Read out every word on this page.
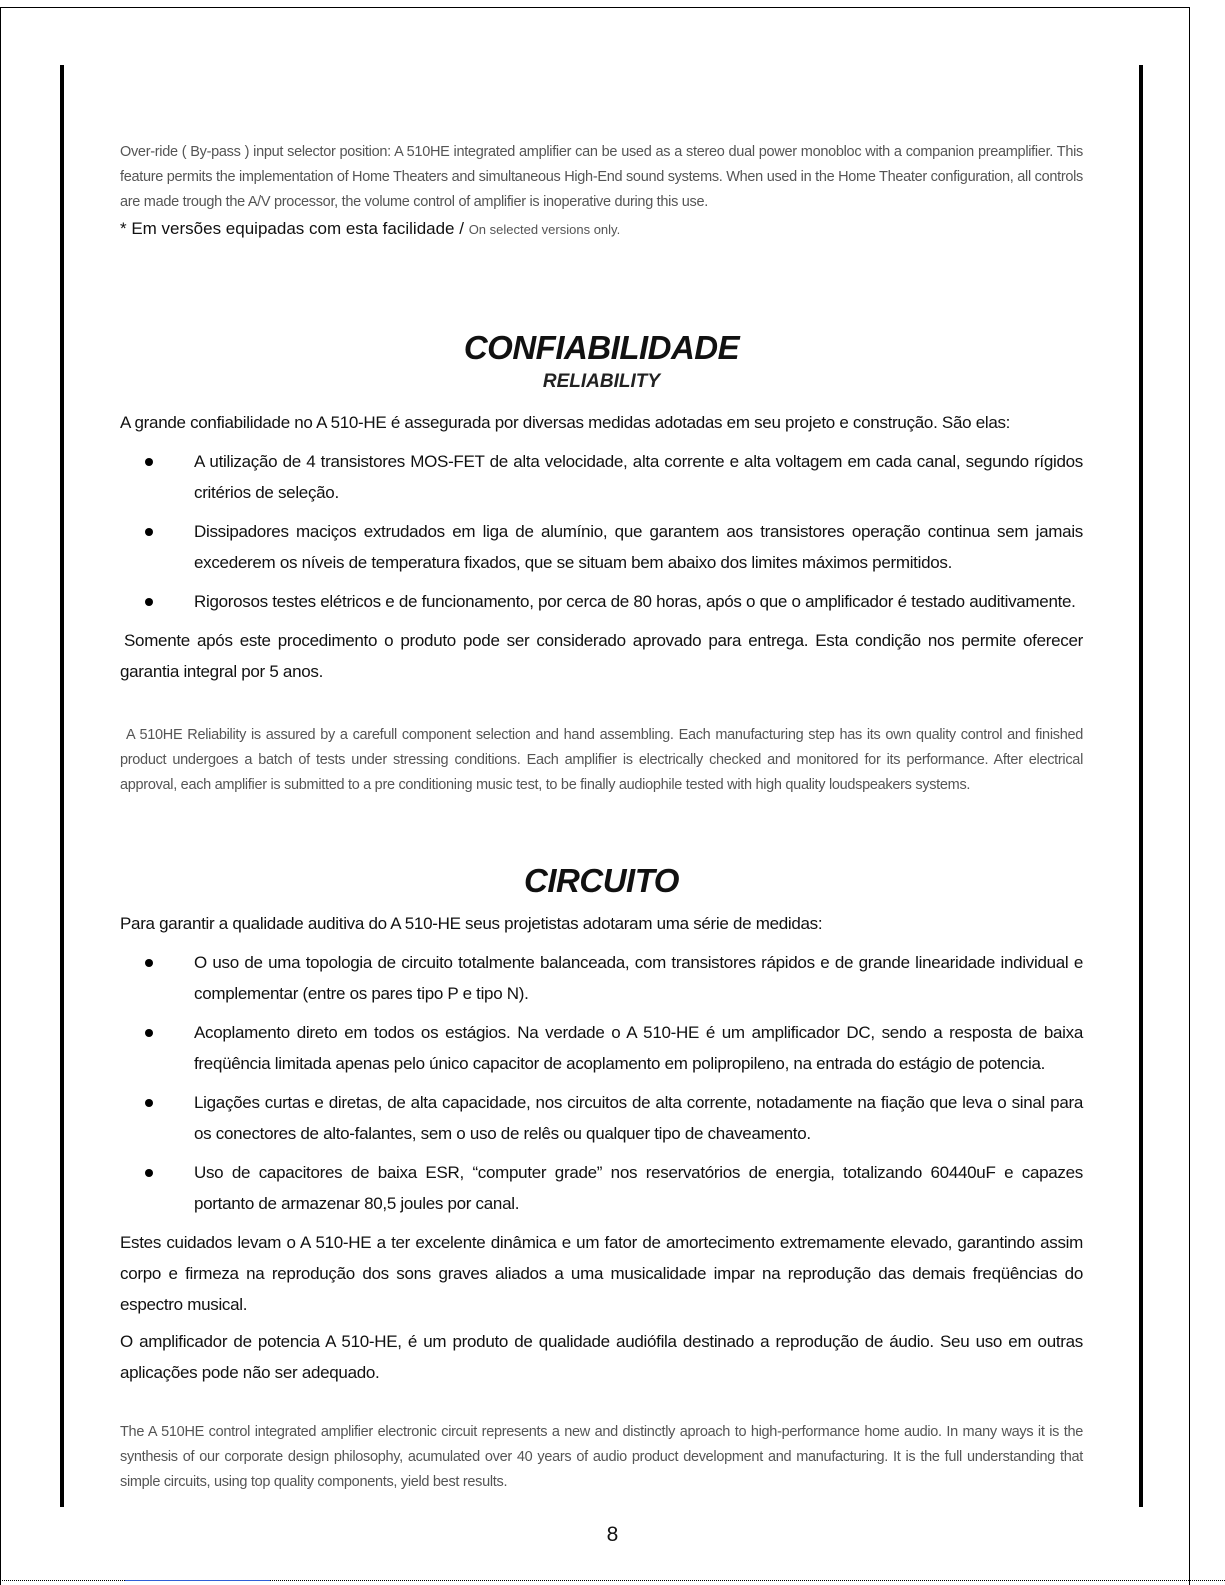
Over-ride ( By-pass ) input selector position: A 510HE integrated amplifier can be used as a stereo dual power monobloc with a companion preamplifier. This feature permits the implementation of Home Theaters and simultaneous High-End sound systems. When used in the Home Theater configuration, all controls are made trough the A/V processor, the volume control of amplifier is inoperative during this use.

* Em versões equipadas com esta facilidade / On selected versions only.

CONFIABILIDADE
RELIABILITY

A grande confiabilidade no A 510-HE é assegurada por diversas medidas adotadas em seu projeto e construção. São elas:

A utilização de 4 transistores MOS-FET de alta velocidade, alta corrente e alta voltagem em cada canal, segundo rígidos critérios de seleção.
Dissipadores maciços extrudados em liga de alumínio, que garantem aos transistores operação continua sem jamais excederem os níveis de temperatura fixados, que se situam bem abaixo dos limites máximos permitidos.
Rigorosos testes elétricos e de funcionamento, por cerca de 80 horas, após o que o amplificador é testado auditivamente.

Somente após este procedimento o produto pode ser considerado aprovado para entrega. Esta condição nos permite oferecer garantia integral por 5 anos.

A 510HE Reliability is assured by a carefull component selection and hand assembling. Each manufacturing step has its own quality control and finished product undergoes a batch of tests under stressing conditions. Each amplifier is electrically checked and monitored for its performance. After electrical approval, each amplifier is submitted to a pre conditioning music test, to be finally audiophile tested with high quality loudspeakers systems.

CIRCUITO

Para garantir a qualidade auditiva do A 510-HE seus projetistas adotaram uma série de medidas:

O uso de uma topologia de circuito totalmente balanceada, com transistores rápidos e de grande linearidade individual e complementar (entre os pares tipo P e tipo N).
Acoplamento direto em todos os estágios. Na verdade o A 510-HE é um amplificador DC, sendo a resposta de baixa freqüência limitada apenas pelo único capacitor de acoplamento em polipropileno, na entrada do estágio de potencia.
Ligações curtas e diretas, de alta capacidade, nos circuitos de alta corrente, notadamente na fiação que leva o sinal para os conectores de alto-falantes, sem o uso de relês ou qualquer tipo de chaveamento.
Uso de capacitores de baixa ESR, “computer grade” nos reservatórios de energia, totalizando 60440uF e capazes portanto de armazenar 80,5 joules por canal.

Estes cuidados levam o A 510-HE a ter excelente dinâmica e um fator de amortecimento extremamente elevado, garantindo assim corpo e firmeza na reprodução dos sons graves aliados a uma musicalidade impar na reprodução das demais freqüências do espectro musical.

O amplificador de potencia A 510-HE, é um produto de qualidade audiófila destinado a reprodução de áudio. Seu uso em outras aplicações pode não ser adequado.

The A 510HE control integrated amplifier electronic circuit represents a new and distinctly aproach to high-performance home audio. In many ways it is the synthesis of our corporate design philosophy, acumulated over 40 years of audio product development and manufacturing. It is the full understanding that simple circuits, using top quality components, yield best results.

8
